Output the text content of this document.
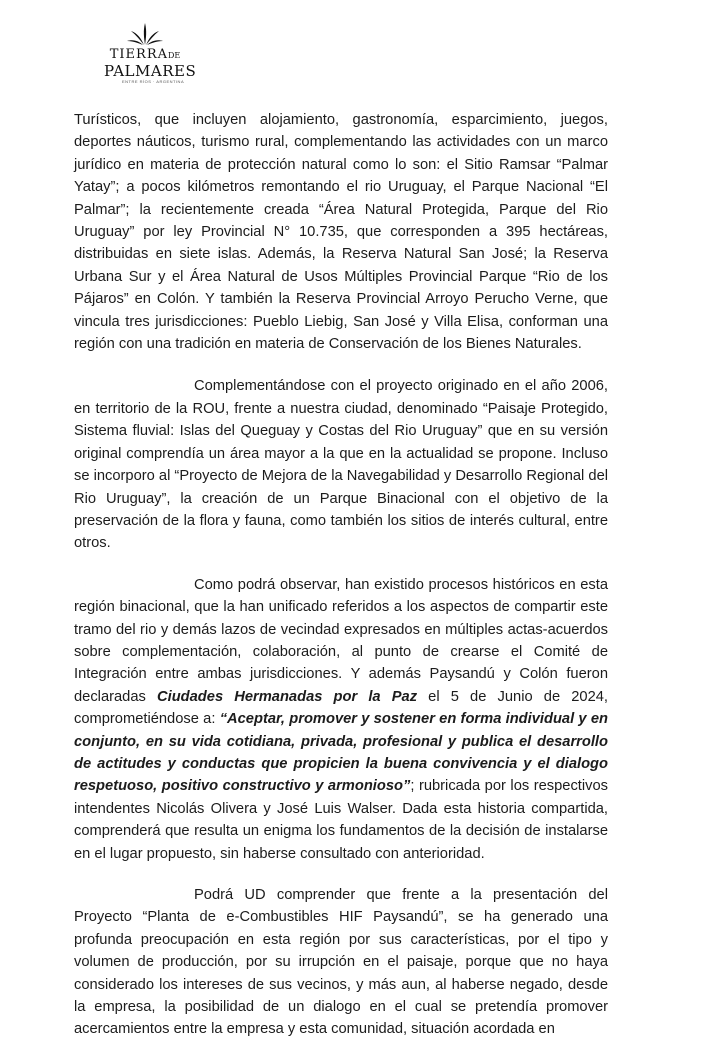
TIERRADE
PALMARES
ENTRE RÍOS · ARGENTINA

Turísticos, que incluyen alojamiento, gastronomía, esparcimiento, juegos, deportes náuticos, turismo rural, complementando las actividades con un marco jurídico en materia de protección natural como lo son: el Sitio Ramsar “Palmar Yatay”; a pocos kilómetros remontando el rio Uruguay, el Parque Nacional “El Palmar”; la recientemente creada “Área Natural Protegida, Parque del Rio Uruguay” por ley Provincial N° 10.735, que corresponden a 395 hectáreas, distribuidas en siete islas. Además, la Reserva Natural San José; la Reserva Urbana Sur y el Área Natural de Usos Múltiples Provincial Parque “Rio de los Pájaros” en Colón. Y también la Reserva Provincial Arroyo Perucho Verne, que vincula tres jurisdicciones: Pueblo Liebig, San José y Villa Elisa, conforman una región con una tradición en materia de Conservación de los Bienes Naturales.

Complementándose con el proyecto originado en el año 2006, en territorio de la ROU, frente a nuestra ciudad, denominado “Paisaje Protegido, Sistema fluvial: Islas del Queguay y Costas del Rio Uruguay” que en su versión original comprendía un área mayor a la que en la actualidad se propone. Incluso se incorporo al “Proyecto de Mejora de la Navegabilidad y Desarrollo Regional del Rio Uruguay”, la creación de un Parque Binacional con el objetivo de la preservación de la flora y fauna, como también los sitios de interés cultural, entre otros.

Como podrá observar, han existido procesos históricos en esta región binacional, que la han unificado referidos a los aspectos de compartir este tramo del rio y demás lazos de vecindad expresados en múltiples actas-acuerdos sobre complementación, colaboración, al punto de crearse el Comité de Integración entre ambas jurisdicciones. Y además Paysandú y Colón fueron declaradas Ciudades Hermanadas por la Paz el 5 de Junio de 2024, comprometiéndose a: “Aceptar, promover y sostener en forma individual y en conjunto, en su vida cotidiana, privada, profesional y publica el desarrollo de actitudes y conductas que propicien la buena convivencia y el dialogo respetuoso, positivo constructivo y armonioso”; rubricada por los respectivos intendentes Nicolás Olivera y José Luis Walser. Dada esta historia compartida, comprenderá que resulta un enigma los fundamentos de la decisión de instalarse en el lugar propuesto, sin haberse consultado con anterioridad.

Podrá UD comprender que frente a la presentación del Proyecto “Planta de e-Combustibles HIF Paysandú”, se ha generado una profunda preocupación en esta región por sus características, por el tipo y volumen de producción, por su irrupción en el paisaje, porque que no haya considerado los intereses de sus vecinos, y más aun, al haberse negado, desde la empresa, la posibilidad de un dialogo en el cual se pretendía promover acercamientos entre la empresa y esta comunidad, situación acordada en
